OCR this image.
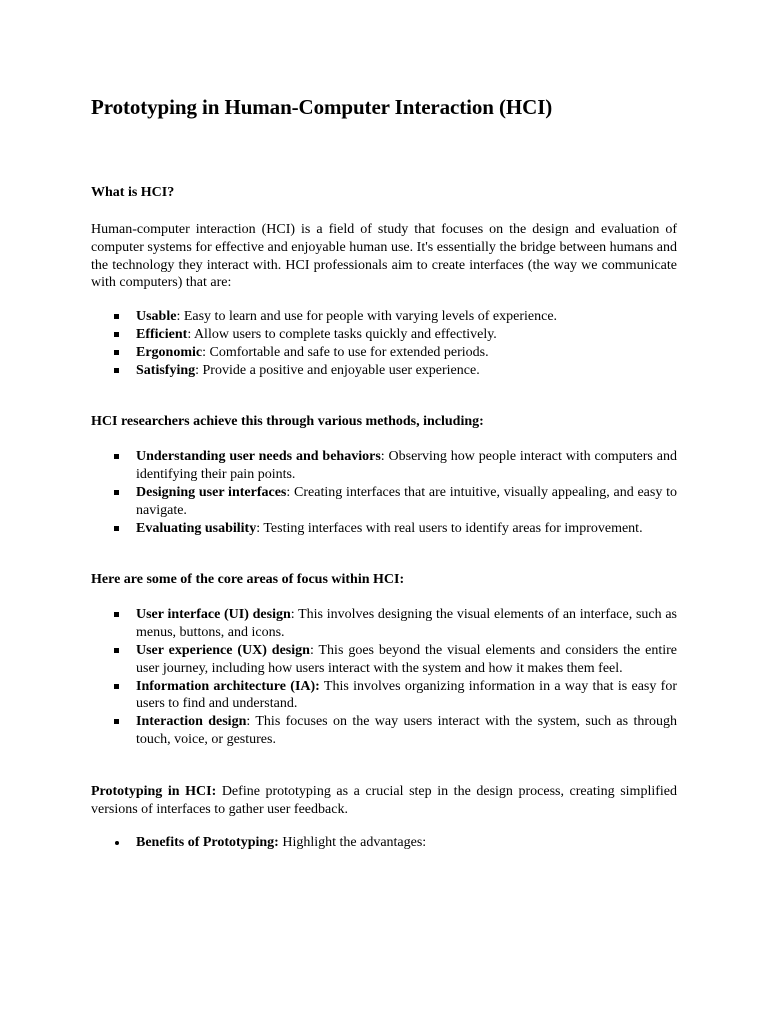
Prototyping in Human-Computer Interaction (HCI)

What is HCI?

Human-computer interaction (HCI) is a field of study that focuses on the design and evaluation of computer systems for effective and enjoyable human use. It's essentially the bridge between humans and the technology they interact with. HCI professionals aim to create interfaces (the way we communicate with computers) that are:

Usable: Easy to learn and use for people with varying levels of experience.
Efficient: Allow users to complete tasks quickly and effectively.
Ergonomic: Comfortable and safe to use for extended periods.
Satisfying: Provide a positive and enjoyable user experience.

HCI researchers achieve this through various methods, including:

Understanding user needs and behaviors: Observing how people interact with computers and identifying their pain points.
Designing user interfaces: Creating interfaces that are intuitive, visually appealing, and easy to navigate.
Evaluating usability: Testing interfaces with real users to identify areas for improvement.

Here are some of the core areas of focus within HCI:

User interface (UI) design: This involves designing the visual elements of an interface, such as menus, buttons, and icons.
User experience (UX) design: This goes beyond the visual elements and considers the entire user journey, including how users interact with the system and how it makes them feel.
Information architecture (IA): This involves organizing information in a way that is easy for users to find and understand.
Interaction design: This focuses on the way users interact with the system, such as through touch, voice, or gestures.

Prototyping in HCI: Define prototyping as a crucial step in the design process, creating simplified versions of interfaces to gather user feedback.

Benefits of Prototyping: Highlight the advantages:
